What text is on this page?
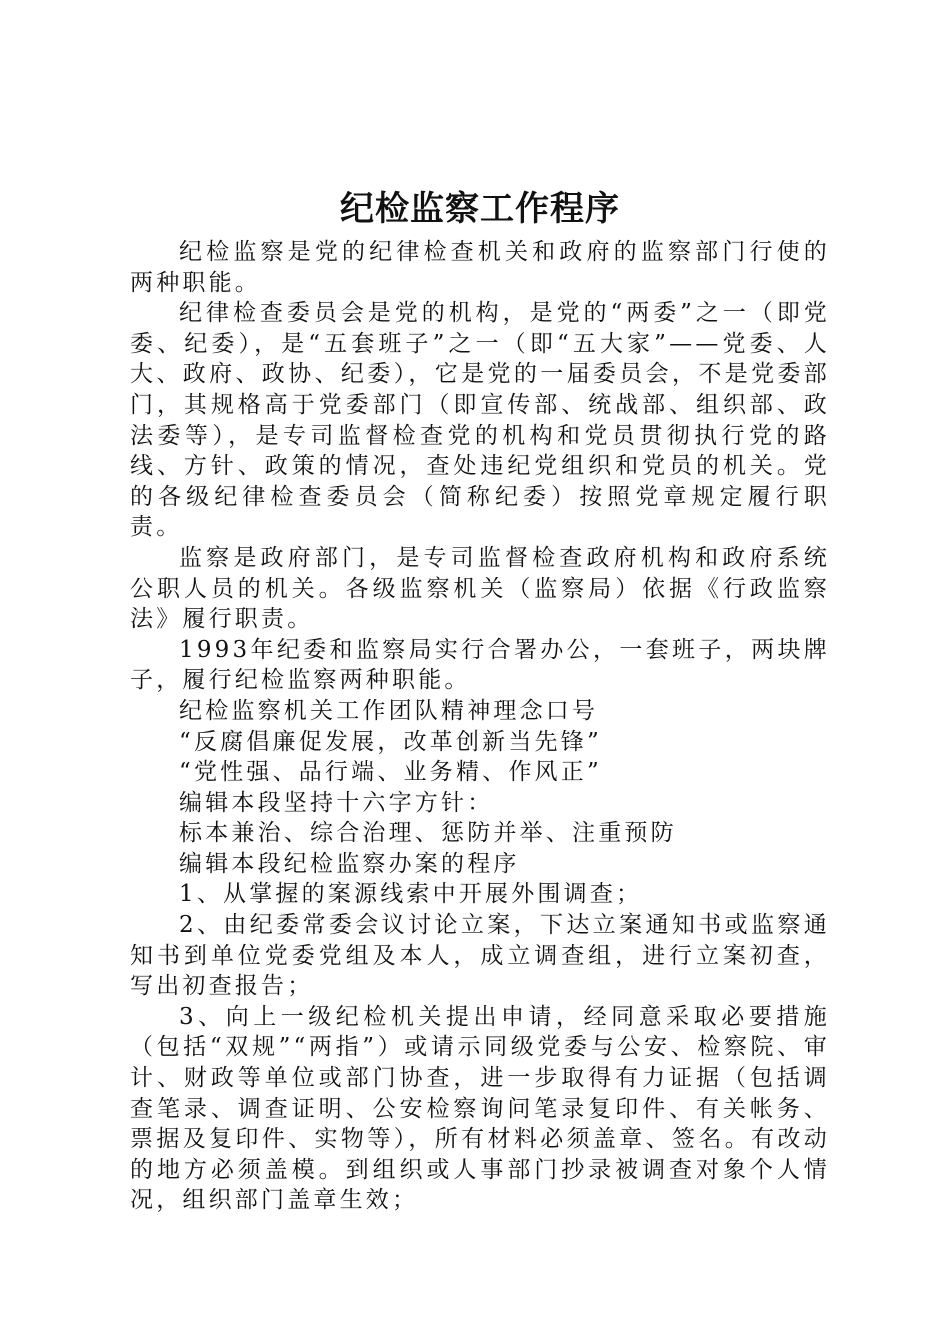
纪检监察工作程序

纪检监察是党的纪律检查机关和政府的监察部门行使的两种职能。

纪律检查委员会是党的机构，是党的“两委”之一（即党委、纪委），是“五套班子”之一（即“五大家”——党委、人大、政府、政协、纪委），它是党的一届委员会，不是党委部门，其规格高于党委部门（即宣传部、统战部、组织部、政法委等），是专司监督检查党的机构和党员贯彻执行党的路线、方针、政策的情况，查处违纪党组织和党员的机关。党的各级纪律检查委员会（简称纪委）按照党章规定履行职责。

监察是政府部门，是专司监督检查政府机构和政府系统公职人员的机关。各级监察机关（监察局）依据《行政监察法》履行职责。

1993年纪委和监察局实行合署办公，一套班子，两块牌子，履行纪检监察两种职能。

纪检监察机关工作团队精神理念口号

“反腐倡廉促发展，改革创新当先锋”

“党性强、品行端、业务精、作风正”

编辑本段坚持十六字方针：

标本兼治、综合治理、惩防并举、注重预防

编辑本段纪检监察办案的程序

1、从掌握的案源线索中开展外围调查；

2、由纪委常委会议讨论立案，下达立案通知书或监察通知书到单位党委党组及本人，成立调查组，进行立案初查，写出初查报告；

3、向上一级纪检机关提出申请，经同意采取必要措施（包括“双规”“两指”）或请示同级党委与公安、检察院、审计、财政等单位或部门协查，进一步取得有力证据（包括调查笔录、调查证明、公安检察询问笔录复印件、有关帐务、票据及复印件、实物等），所有材料必须盖章、签名。有改动的地方必须盖模。到组织或人事部门抄录被调查对象个人情况，组织部门盖章生效；
